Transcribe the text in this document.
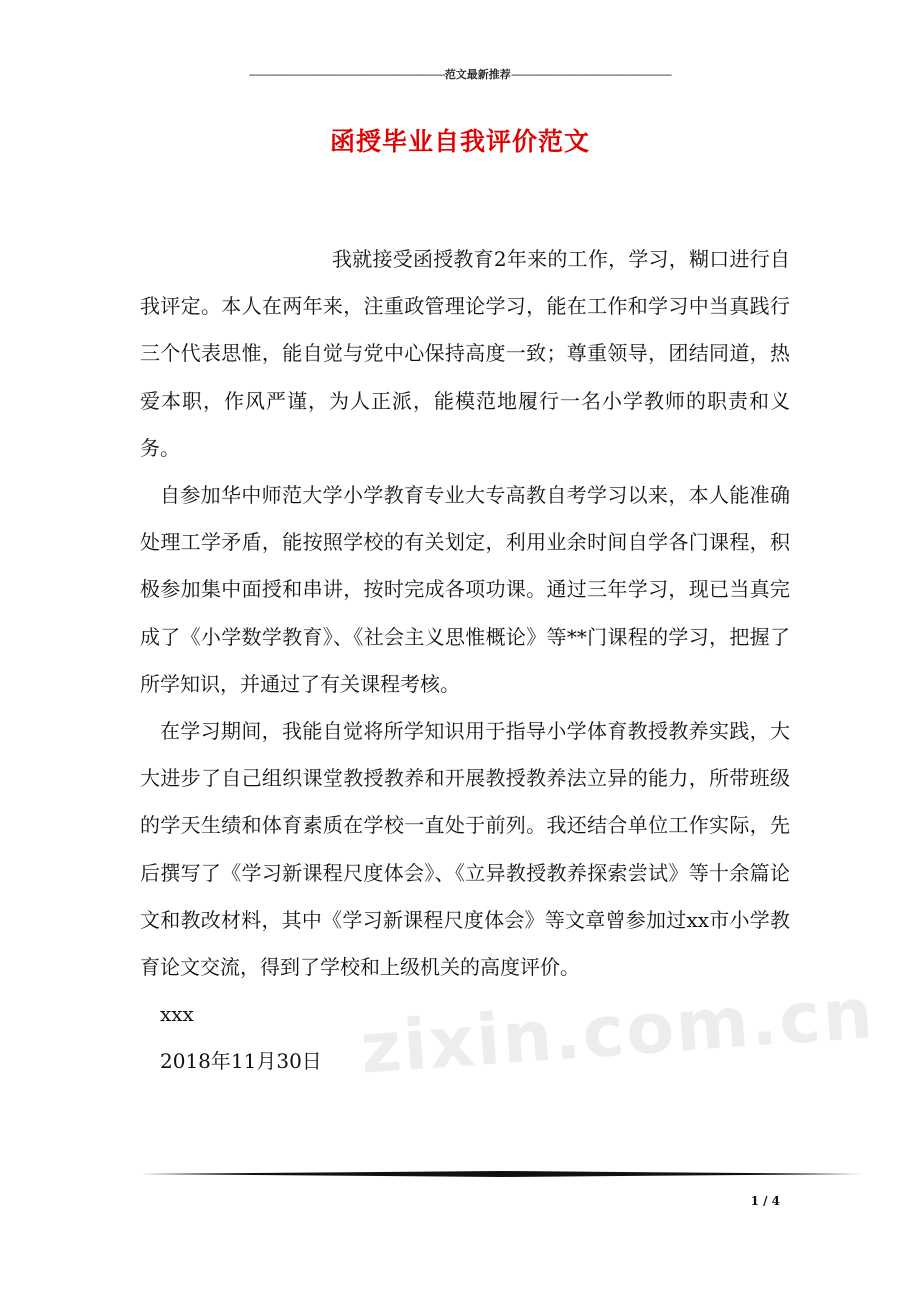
------------------------------------------------------------------范文最新推荐------------------------------------------------------
函授毕业自我评价范文

我就接受函授教育2年来的工作，学习，糊口进行自我评定。本人在两年来，注重政管理论学习，能在工作和学习中当真践行三个代表思惟，能自觉与党中心保持高度一致；尊重领导，团结同道，热爱本职，作风严谨，为人正派，能模范地履行一名小学教师的职责和义务。

自参加华中师范大学小学教育专业大专高教自考学习以来，本人能准确处理工学矛盾，能按照学校的有关划定，利用业余时间自学各门课程，积极参加集中面授和串讲，按时完成各项功课。通过三年学习，现已当真完成了《小学数学教育》、《社会主义思惟概论》等**门课程的学习，把握了所学知识，并通过了有关课程考核。

在学习期间，我能自觉将所学知识用于指导小学体育教授教养实践，大大进步了自己组织课堂教授教养和开展教授教养法立异的能力，所带班级的学天生绩和体育素质在学校一直处于前列。我还结合单位工作实际，先后撰写了《学习新课程尺度体会》、《立异教授教养探索尝试》等十余篇论文和教改材料，其中《学习新课程尺度体会》等文章曾参加过xx市小学教育论文交流，得到了学校和上级机关的高度评价。

xxx

2018年11月30日 zixin.com.cn
1 / 4
